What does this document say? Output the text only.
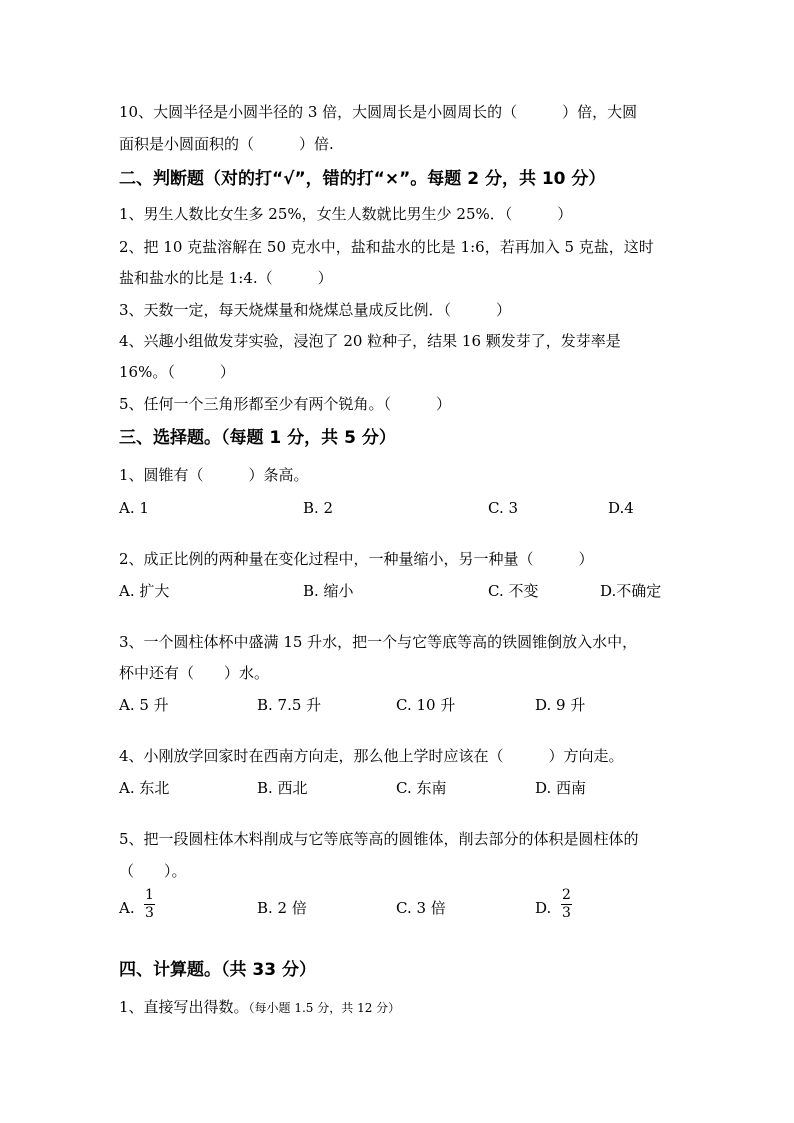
10、大圆半径是小圆半径的 3 倍，大圆周长是小圆周长的（　　　）倍，大圆
面积是小圆面积的（　　　）倍.
二、判断题（对的打“√”，错的打“×”。每题 2 分，共 10 分）
1、男生人数比女生多 25%，女生人数就比男生少 25%．（　　　）
2、把 10 克盐溶解在 50 克水中，盐和盐水的比是 1:6，若再加入 5 克盐，这时
盐和盐水的比是 1:4.（　　　）
3、天数一定，每天烧煤量和烧煤总量成反比例．（　　　）
4、兴趣小组做发芽实验，浸泡了 20 粒种子，结果 16 颗发芽了，发芽率是
16%。（　　　）
5、任何一个三角形都至少有两个锐角。（　　　）
三、选择题。（每题 1 分，共 5 分）
1、圆锥有（　　　）条高。
A. 1	B. 2	C. 3	D.4
2、成正比例的两种量在变化过程中，一种量缩小，另一种量（　　　）
A. 扩大	B. 缩小	C. 不变	D.不确定
3、一个圆柱体杯中盛满 15 升水，把一个与它等底等高的铁圆锥倒放入水中，
杯中还有（　　）水。
A. 5 升	B. 7.5 升	C. 10 升	D. 9 升
4、小刚放学回家时在西南方向走，那么他上学时应该在（　　　）方向走。
A. 东北	B. 西北	C. 东南	D. 西南
5、把一段圆柱体木料削成与它等底等高的圆锥体，削去部分的体积是圆柱体的
（　　）。
A.
1
3	B. 2 倍	C. 3 倍	D.
2
3
四、计算题。（共 33 分）
1、直接写出得数。（每小题 1.5 分，共 12 分）
